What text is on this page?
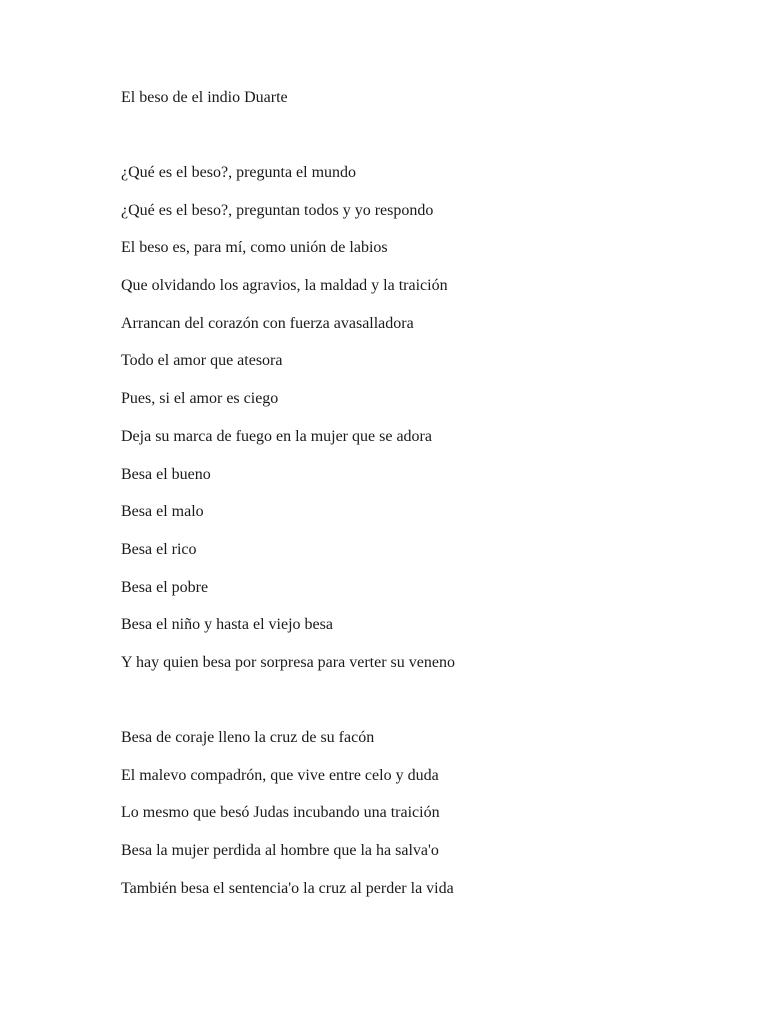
El beso de el indio Duarte
¿Qué es el beso?, pregunta el mundo
¿Qué es el beso?, preguntan todos y yo respondo
El beso es, para mí, como unión de labios
Que olvidando los agravios, la maldad y la traición
Arrancan del corazón con fuerza avasalladora
Todo el amor que atesora
Pues, si el amor es ciego
Deja su marca de fuego en la mujer que se adora
Besa el bueno
Besa el malo
Besa el rico
Besa el pobre
Besa el niño y hasta el viejo besa
Y hay quien besa por sorpresa para verter su veneno
Besa de coraje lleno la cruz de su facón
El malevo compadrón, que vive entre celo y duda
Lo mesmo que besó Judas incubando una traición
Besa la mujer perdida al hombre que la ha salva'o
También besa el sentencia'o la cruz al perder la vida
